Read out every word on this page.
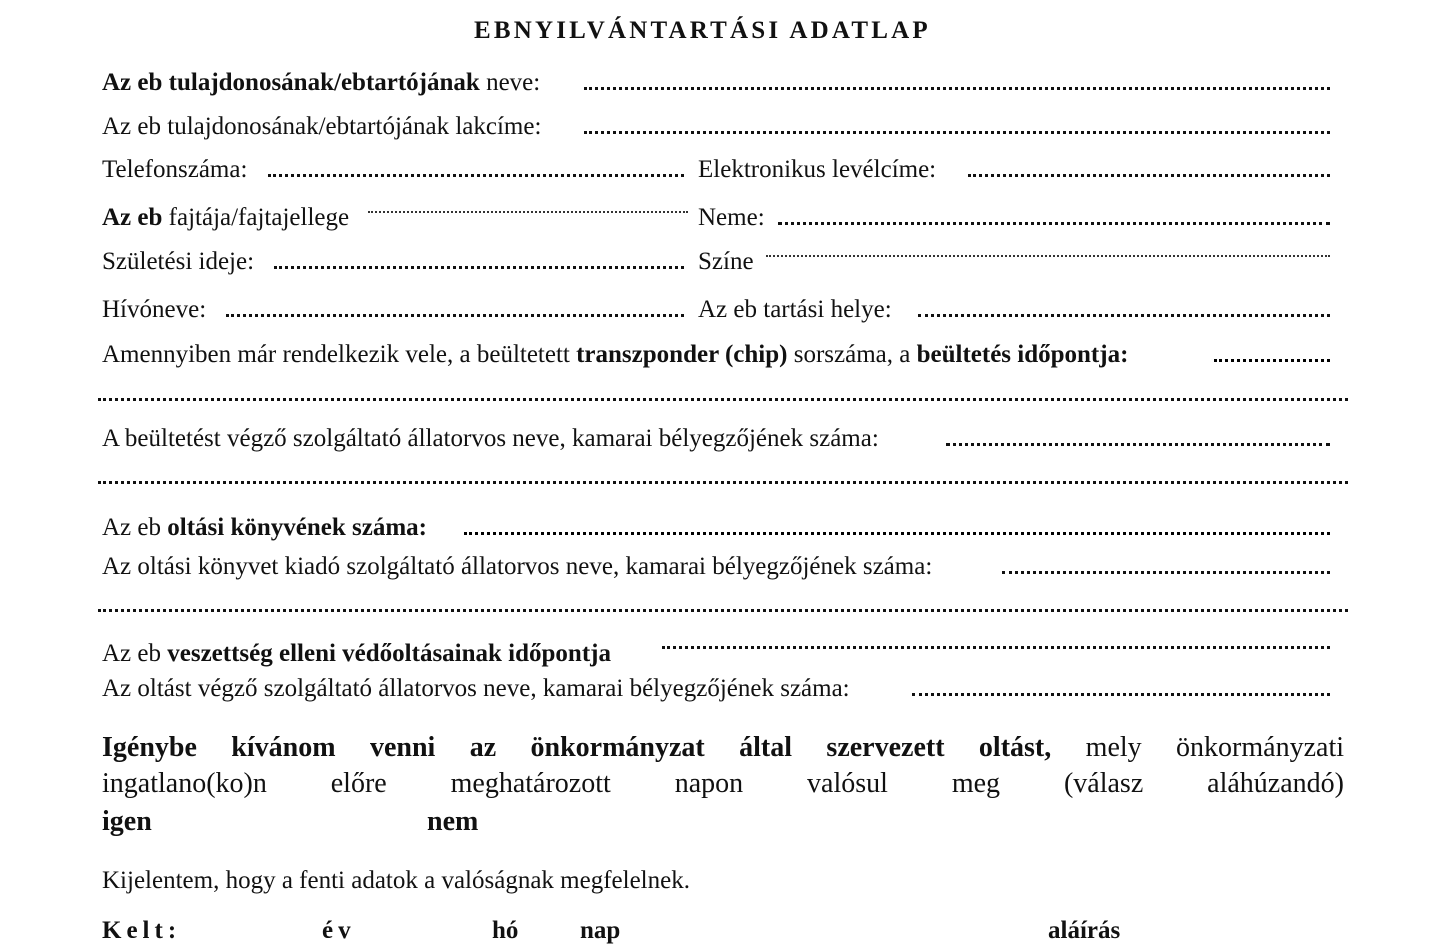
EBNYILVÁNTARTÁSI ADATLAP
Az eb tulajdonosának/ebtartójának neve:
Az eb tulajdonosának/ebtartójának lakcíme:
Telefonszáma:	Elektronikus levélcíme:
Az eb fajtája/fajtajellege	Neme:
Születési ideje:	Színe
Hívóneve:	Az eb tartási helye:
Amennyiben már rendelkezik vele, a beültetett transzponder (chip) sorszáma, a beültetés időpontja:
A beültetést végző szolgáltató állatorvos neve, kamarai bélyegzőjének száma:
Az eb oltási könyvének száma:
Az oltási könyvet kiadó szolgáltató állatorvos neve, kamarai bélyegzőjének száma:
Az eb veszettség elleni védőoltásainak időpontja
Az oltást végző szolgáltató állatorvos neve, kamarai bélyegzőjének száma:
Igénybe kívánom venni az önkormányzat által szervezett oltást, mely önkormányzati
ingatlano(ko)n előre meghatározott napon valósul meg (válasz aláhúzandó)
igen	nem
Kijelentem, hogy a fenti adatok a valóságnak megfelelnek.
Kelt:	év	hó nap	aláírás
